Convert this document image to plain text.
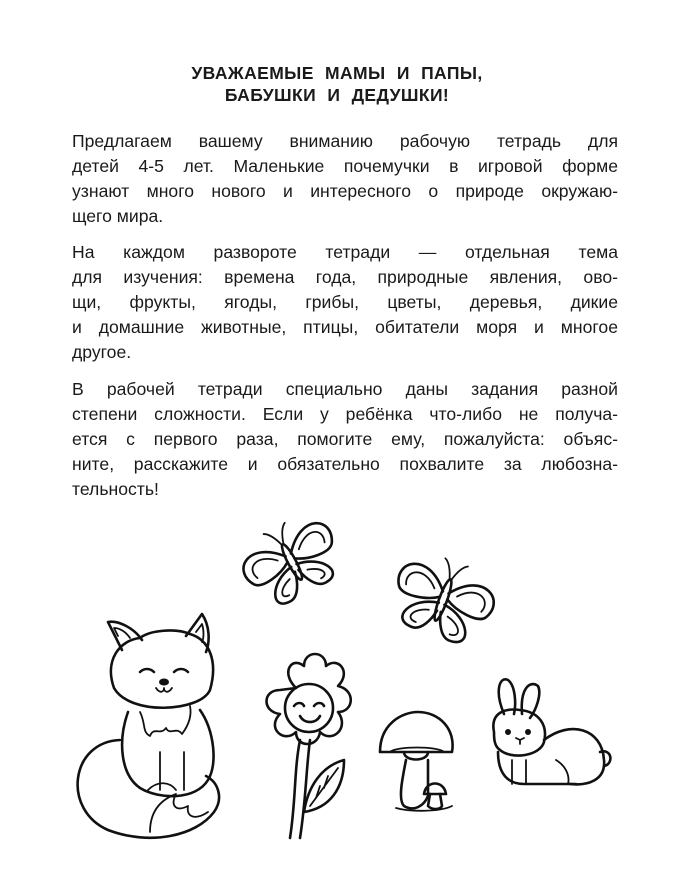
УВАЖАЕМЫЕ МАМЫ И ПАПЫ,
БАБУШКИ И ДЕДУШКИ!
Предлагаем вашему вниманию рабочую тетрадь для
детей 4-5 лет. Маленькие почемучки в игровой форме
узнают много нового и интересного о природе окружаю-
щего мира.
На каждом развороте тетради — отдельная тема
для изучения: времена года, природные явления, ово-
щи, фрукты, ягоды, грибы, цветы, деревья, дикие
и домашние животные, птицы, обитатели моря и многое
другое.
В рабочей тетради специально даны задания разной
степени сложности. Если у ребёнка что-либо не получа-
ется с первого раза, помогите ему, пожалуйста: объяс-
ните, расскажите и обязательно похвалите за любозна-
тельность!
